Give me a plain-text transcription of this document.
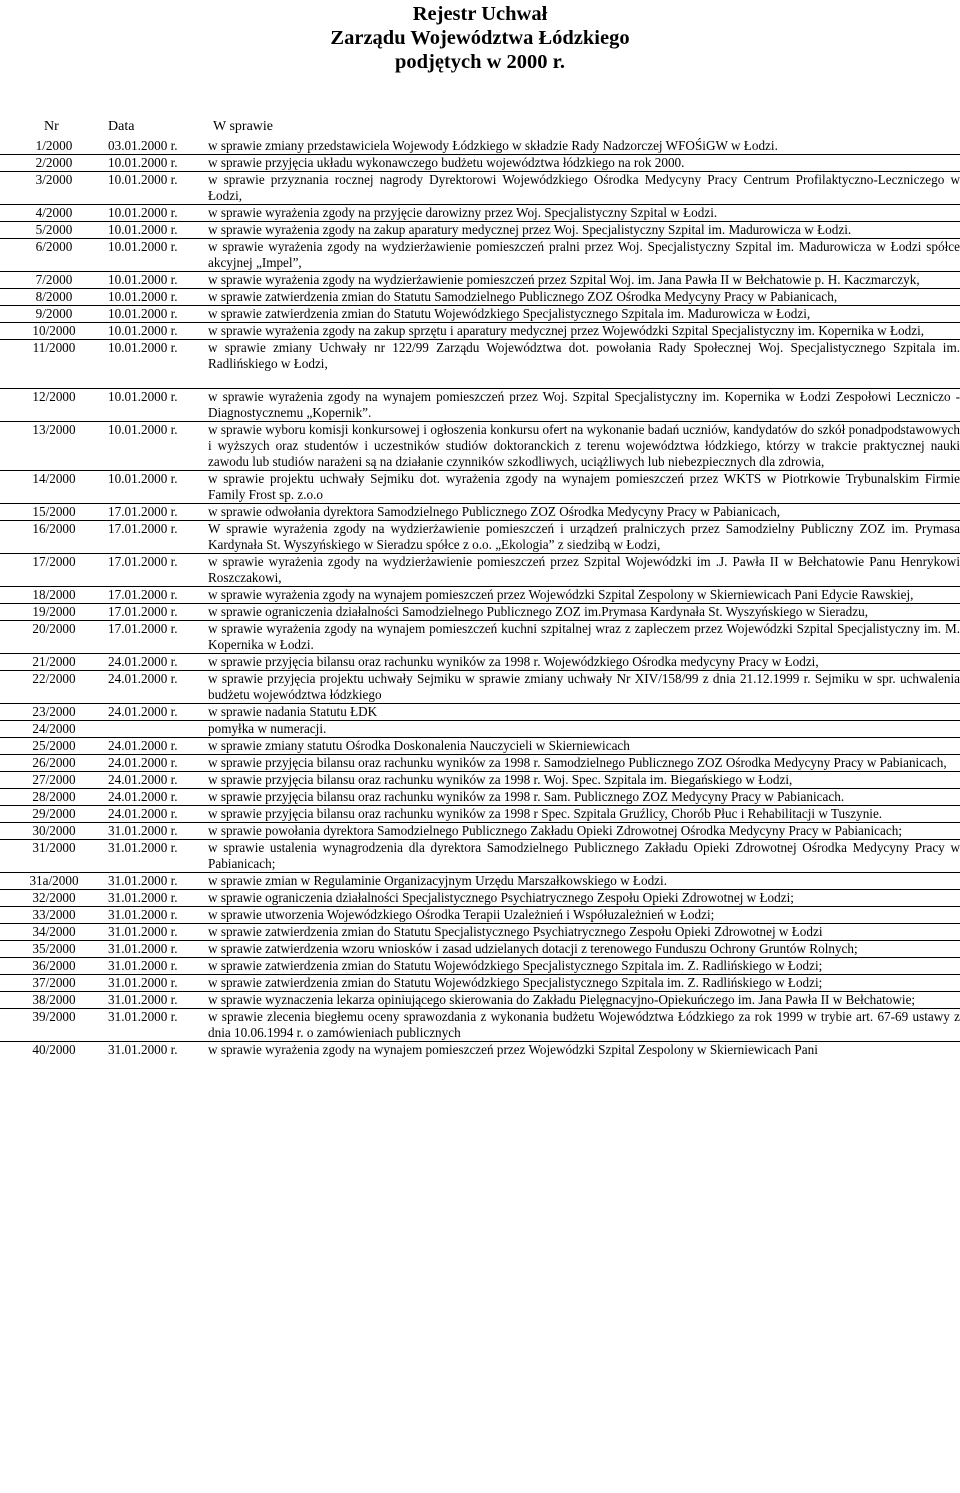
Rejestr Uchwał
Zarządu Województwa Łódzkiego
podjętych w 2000 r.
Nr	Data	W sprawie
1/2000	03.01.2000 r.	w sprawie zmiany przedstawiciela Wojewody Łódzkiego w składzie Rady Nadzorczej WFOŚiGW w Łodzi.
2/2000	10.01.2000 r.	w sprawie przyjęcia układu wykonawczego budżetu województwa łódzkiego na rok 2000.
3/2000	10.01.2000 r.	w sprawie przyznania rocznej nagrody Dyrektorowi Wojewódzkiego Ośrodka Medycyny Pracy Centrum Profilaktyczno-Leczniczego w Łodzi,
4/2000	10.01.2000 r.	w sprawie wyrażenia zgody na przyjęcie darowizny przez Woj. Specjalistyczny Szpital w Łodzi.
5/2000	10.01.2000 r.	w sprawie wyrażenia zgody na zakup aparatury medycznej przez Woj. Specjalistyczny Szpital im. Madurowicza w Łodzi.
6/2000	10.01.2000 r.	w sprawie wyrażenia zgody na wydzierżawienie pomieszczeń pralni przez Woj. Specjalistyczny Szpital im. Madurowicza w Łodzi spółce akcyjnej „Impel”,
7/2000	10.01.2000 r.	w sprawie wyrażenia zgody na wydzierżawienie pomieszczeń przez Szpital Woj. im. Jana Pawła II w Bełchatowie p. H. Kaczmarczyk,
8/2000	10.01.2000 r.	w sprawie zatwierdzenia zmian do Statutu Samodzielnego Publicznego ZOZ Ośrodka Medycyny Pracy w Pabianicach,
9/2000	10.01.2000 r.	w sprawie zatwierdzenia zmian do Statutu Wojewódzkiego Specjalistycznego Szpitala im. Madurowicza w Łodzi,
10/2000	10.01.2000 r.	w sprawie wyrażenia zgody na zakup sprzętu i aparatury medycznej przez Wojewódzki Szpital Specjalistyczny im. Kopernika w Łodzi,
11/2000	10.01.2000 r.	w sprawie zmiany Uchwały nr 122/99 Zarządu Województwa dot. powołania Rady Społecznej Woj. Specjalistycznego Szpitala im. Radlińskiego w Łodzi,
12/2000	10.01.2000 r.	w sprawie wyrażenia zgody na wynajem pomieszczeń przez Woj. Szpital Specjalistyczny im. Kopernika w Łodzi Zespołowi Leczniczo - Diagnostycznemu „Kopernik”.
13/2000	10.01.2000 r.	w sprawie wyboru komisji konkursowej i ogłoszenia konkursu ofert na wykonanie badań uczniów, kandydatów do szkół ponadpodstawowych i wyższych oraz studentów i uczestników studiów doktoranckich z terenu województwa łódzkiego, którzy w trakcie praktycznej nauki zawodu lub studiów narażeni są na działanie czynników szkodliwych, uciążliwych lub niebezpiecznych dla zdrowia,
14/2000	10.01.2000 r.	w sprawie projektu uchwały Sejmiku dot. wyrażenia zgody na wynajem pomieszczeń przez WKTS w Piotrkowie Trybunalskim Firmie Family Frost sp. z.o.o
15/2000	17.01.2000 r.	w sprawie odwołania dyrektora Samodzielnego Publicznego ZOZ Ośrodka Medycyny Pracy w Pabianicach,
16/2000	17.01.2000 r.	W sprawie wyrażenia zgody na wydzierżawienie pomieszczeń i urządzeń pralniczych przez Samodzielny Publiczny ZOZ im. Prymasa Kardynała St. Wyszyńskiego w Sieradzu spółce z o.o. „Ekologia” z siedzibą w Łodzi,
17/2000	17.01.2000 r.	w sprawie wyrażenia zgody na wydzierżawienie pomieszczeń przez Szpital Wojewódzki im .J. Pawła II w Bełchatowie Panu Henrykowi Roszczakowi,
18/2000	17.01.2000 r.	w sprawie wyrażenia zgody na wynajem pomieszczeń przez Wojewódzki Szpital Zespolony w Skierniewicach Pani Edycie Rawskiej,
19/2000	17.01.2000 r.	w sprawie ograniczenia działalności Samodzielnego Publicznego ZOZ im.Prymasa Kardynała St. Wyszyńskiego w Sieradzu,
20/2000	17.01.2000 r.	w sprawie wyrażenia zgody na wynajem pomieszczeń kuchni szpitalnej wraz z zapleczem przez Wojewódzki Szpital Specjalistyczny im. M. Kopernika w Łodzi.
21/2000	24.01.2000 r.	w sprawie przyjęcia bilansu oraz rachunku wyników za 1998 r. Wojewódzkiego Ośrodka medycyny Pracy w Łodzi,
22/2000	24.01.2000 r.	w sprawie przyjęcia projektu uchwały Sejmiku w sprawie zmiany uchwały Nr XIV/158/99 z dnia 21.12.1999 r. Sejmiku w spr. uchwalenia budżetu województwa łódzkiego
23/2000	24.01.2000 r.	w sprawie nadania Statutu ŁDK
24/2000		pomyłka w numeracji.
25/2000	24.01.2000 r.	w sprawie zmiany statutu Ośrodka Doskonalenia Nauczycieli w Skierniewicach
26/2000	24.01.2000 r.	w sprawie przyjęcia bilansu oraz rachunku wyników za 1998 r. Samodzielnego Publicznego ZOZ Ośrodka Medycyny Pracy w Pabianicach,
27/2000	24.01.2000 r.	w sprawie przyjęcia bilansu oraz rachunku wyników za 1998 r. Woj. Spec. Szpitala im. Biegańskiego w Łodzi,
28/2000	24.01.2000 r.	w sprawie przyjęcia bilansu oraz rachunku wyników za 1998 r. Sam. Publicznego ZOZ Medycyny Pracy w Pabianicach.
29/2000	24.01.2000 r.	w sprawie przyjęcia bilansu oraz rachunku wyników za 1998 r Spec. Szpitala Gruźlicy, Chorób Płuc i Rehabilitacji w Tuszynie.
30/2000	31.01.2000 r.	w sprawie powołania dyrektora Samodzielnego Publicznego Zakładu Opieki Zdrowotnej Ośrodka Medycyny Pracy w Pabianicach;
31/2000	31.01.2000 r.	w sprawie ustalenia wynagrodzenia dla dyrektora Samodzielnego Publicznego Zakładu Opieki Zdrowotnej Ośrodka Medycyny Pracy w Pabianicach;
31a/2000	31.01.2000 r.	w sprawie zmian w Regulaminie Organizacyjnym Urzędu Marszałkowskiego w Łodzi.
32/2000	31.01.2000 r.	w sprawie ograniczenia działalności Specjalistycznego Psychiatrycznego Zespołu Opieki Zdrowotnej w Łodzi;
33/2000	31.01.2000 r.	w sprawie utworzenia Wojewódzkiego Ośrodka Terapii Uzależnień i Współuzależnień w Łodzi;
34/2000	31.01.2000 r.	w sprawie zatwierdzenia zmian do Statutu Specjalistycznego Psychiatrycznego Zespołu Opieki Zdrowotnej w Łodzi
35/2000	31.01.2000 r.	w sprawie zatwierdzenia wzoru wniosków i zasad udzielanych dotacji z terenowego Funduszu Ochrony Gruntów Rolnych;
36/2000	31.01.2000 r.	w sprawie zatwierdzenia zmian do Statutu Wojewódzkiego Specjalistycznego Szpitala im. Z. Radlińskiego w Łodzi;
37/2000	31.01.2000 r.	w sprawie zatwierdzenia zmian do Statutu Wojewódzkiego Specjalistycznego Szpitala im. Z. Radlińskiego w Łodzi;
38/2000	31.01.2000 r.	w sprawie wyznaczenia lekarza opiniującego skierowania do Zakładu Pielęgnacyjno-Opiekuńczego im. Jana Pawła II w Bełchatowie;
39/2000	31.01.2000 r.	w sprawie zlecenia biegłemu oceny sprawozdania z wykonania budżetu Województwa Łódzkiego za rok 1999 w trybie art. 67-69 ustawy z dnia 10.06.1994 r. o zamówieniach publicznych
40/2000	31.01.2000 r.	w sprawie wyrażenia zgody na wynajem pomieszczeń przez Wojewódzki Szpital Zespolony w Skierniewicach Pani
